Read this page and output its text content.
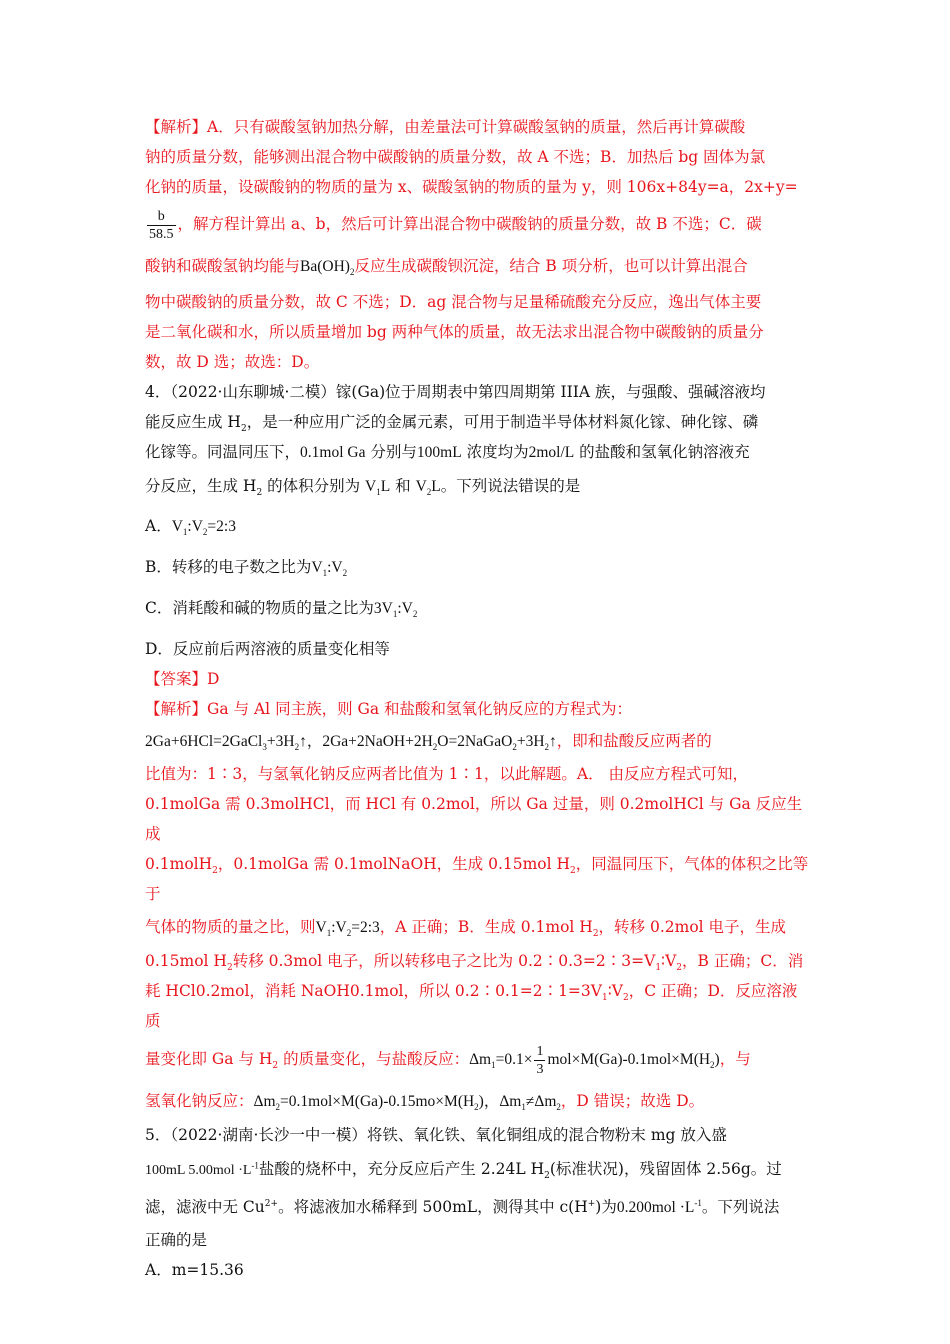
【解析】A．只有碳酸氢钠加热分解，由差量法可计算碳酸氢钠的质量，然后再计算碳酸

钠的质量分数，能够测出混合物中碳酸钠的质量分数，故 A 不选；B．加热后 bg 固体为氯

化钠的质量，设碳酸钠的物质的量为 x、碳酸氢钠的物质的量为 y，则 106x+84y=a，2x+y=

$\frac{b}{58.5}$ ，解方程计算出 a、b，然后可计算出混合物中碳酸钠的质量分数，故 B 不选；C．碳

酸钠和碳酸氢钠均能与$Ba(OH)_2$反应生成碳酸钡沉淀，结合 B 项分析，也可以计算出混合

物中碳酸钠的质量分数，故 C 不选；D．ag 混合物与足量稀硫酸充分反应，逸出气体主要

是二氧化碳和水，所以质量增加 bg 两种气体的质量，故无法求出混合物中碳酸钠的质量分

数，故 D 选；故选：D。

4．（2022·山东聊城·二模）镓(Ga)位于周期表中第四周期第 IIIA 族，与强酸、强碱溶液均

能反应生成 $H_2$，是一种应用广泛的金属元素，可用于制造半导体材料氮化镓、砷化镓、磷

化镓等。同温同压下，0.1mol Ga 分别与100mL 浓度均为2mol/L 的盐酸和氢氧化钠溶液充

分反应，生成 $H_2$ 的体积分别为 $V_1L$ 和 $V_2L$。下列说法错误的是

A．$V_1:V_2=2:3$

B．转移的电子数之比为$V_1:V_2$

C．消耗酸和碱的物质的量之比为$3V_1:V_2$

D．反应前后两溶液的质量变化相等

【答案】D

【解析】Ga 与 Al 同主族，则 Ga 和盐酸和氢氧化钠反应的方程式为：

$2Ga+6HCl=2GaCl_3+3H_2↑$，$2Ga+2NaOH+2H_2O=2NaGaO_2+3H_2↑$，即和盐酸反应两者的

比值为：1∶3，与氢氧化钠反应两者比值为 1∶1，以此解题。A． 由反应方程式可知，

0.1molGa 需 0.3molHCl，而 HCl 有 0.2mol，所以 Ga 过量，则 0.2molHCl 与 Ga 反应生成

0.1molH$_2$，0.1molGa 需 0.1molNaOH，生成 0.15mol $H_2$，同温同压下，气体的体积之比等于

气体的物质的量之比，则$V_1:V_2=2:3$，A 正确；B．生成 0.1mol $H_2$，转移 0.2mol 电子，生成

0.15mol $H_2$转移 0.3mol 电子，所以转移电子之比为 $0.2∶0.3=2∶3=V_1∶V_2$，B 正确；C．消

耗 HCl0.2mol，消耗 NaOH0.1mol，所以 $0.2∶0.1=2∶1=3V_1∶V_2$，C 正确；D．反应溶液质

量变化即 Ga 与 $H_2$ 的质量变化，与盐酸反应：$\Delta m_1=0.1\times \frac{1}{3} mol\times M(Ga)-0.1mol\times M(H_2)$，与

氢氧化钠反应：$\Delta m_2=0.1mol\times M(Ga)-0.15mo\times M(H_2)$，$\Delta m_1\ne\Delta m_2$，D 错误；故选 D。

5．（2022·湖南·长沙一中一模）将铁、氧化铁、氧化铜组成的混合物粉末 mg 放入盛

100mL $5.00mol \cdot L^{-1}$盐酸的烧杯中，充分反应后产生 2.24L $H_2$(标准状况)，残留固体 2.56g。过

滤，滤液中无 $Cu^{2+}$。将滤液加水稀释到 500mL，测得其中 c(H+)为$0.200mol \cdot L^{-1}$。下列说法

正确的是

A．m=15.36
